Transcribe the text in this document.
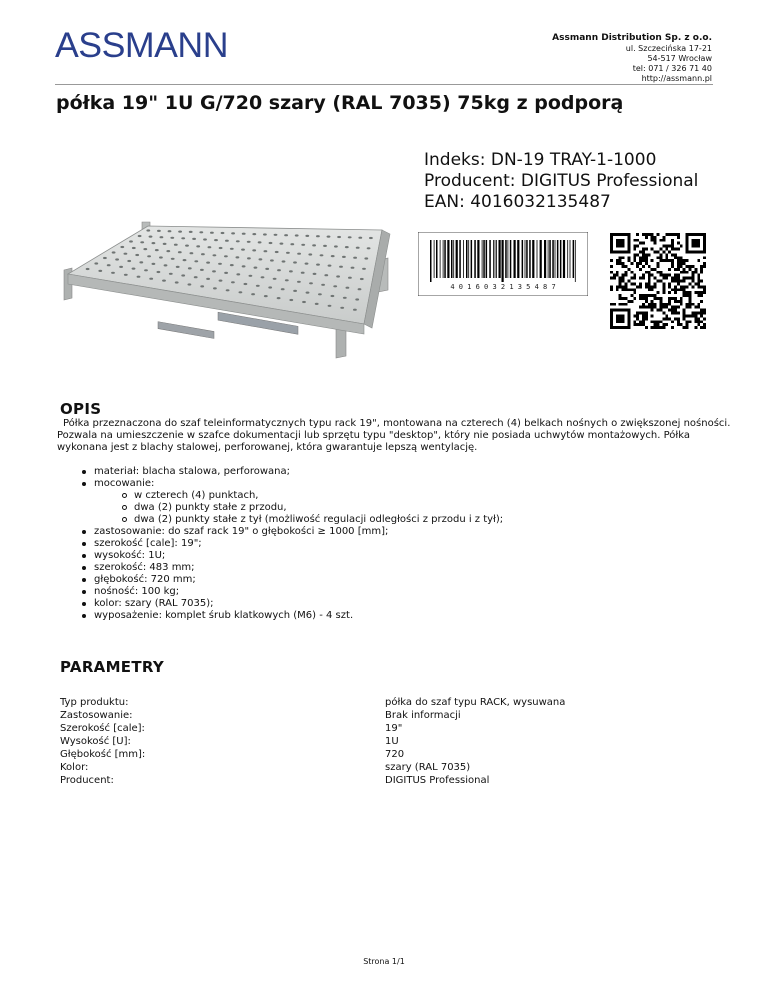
ASSMANN	Assmann Distribution Sp. z o.o.
ul. Szczecińska 17-21
54-517 Wrocław
tel: 071 / 326 71 40
http://assmann.pl
półka 19" 1U G/720 szary (RAL 7035) 75kg z podporą
Indeks: DN-19 TRAY-1-1000
Producent: DIGITUS Professional
EAN: 4016032135487
4 0 1 6 0 3 2 1 3 5 4 8 7
OPIS

Półka przeznaczona do szaf teleinformatycznych typu rack 19", montowana na czterech (4) belkach nośnych o zwiększonej nośności. Pozwala na umieszczenie w szafce dokumentacji lub sprzętu typu "desktop", który nie posiada uchwytów montażowych. Półka wykonana jest z blachy stalowej, perforowanej, która gwarantuje lepszą wentylację.

materiał: blacha stalowa, perforowana;
mocowanie:
w czterech (4) punktach,
dwa (2) punkty stałe z przodu,
dwa (2) punkty stałe z tył (możliwość regulacji odległości z przodu i z tył);
zastosowanie: do szaf rack 19" o głębokości ≥ 1000 [mm];
szerokość [cale]: 19";
wysokość: 1U;
szerokość: 483 mm;
głębokość: 720 mm;
nośność: 100 kg;
kolor: szary (RAL 7035);
wyposażenie: komplet śrub klatkowych (M6) - 4 szt.
PARAMETRY
Typ produktu:	półka do szaf typu RACK, wysuwana
Zastosowanie:	Brak informacji
Szerokość [cale]:	19"
Wysokość [U]:	1U
Głębokość [mm]:	720
Kolor:	szary (RAL 7035)
Producent:	DIGITUS Professional
Strona 1/1
